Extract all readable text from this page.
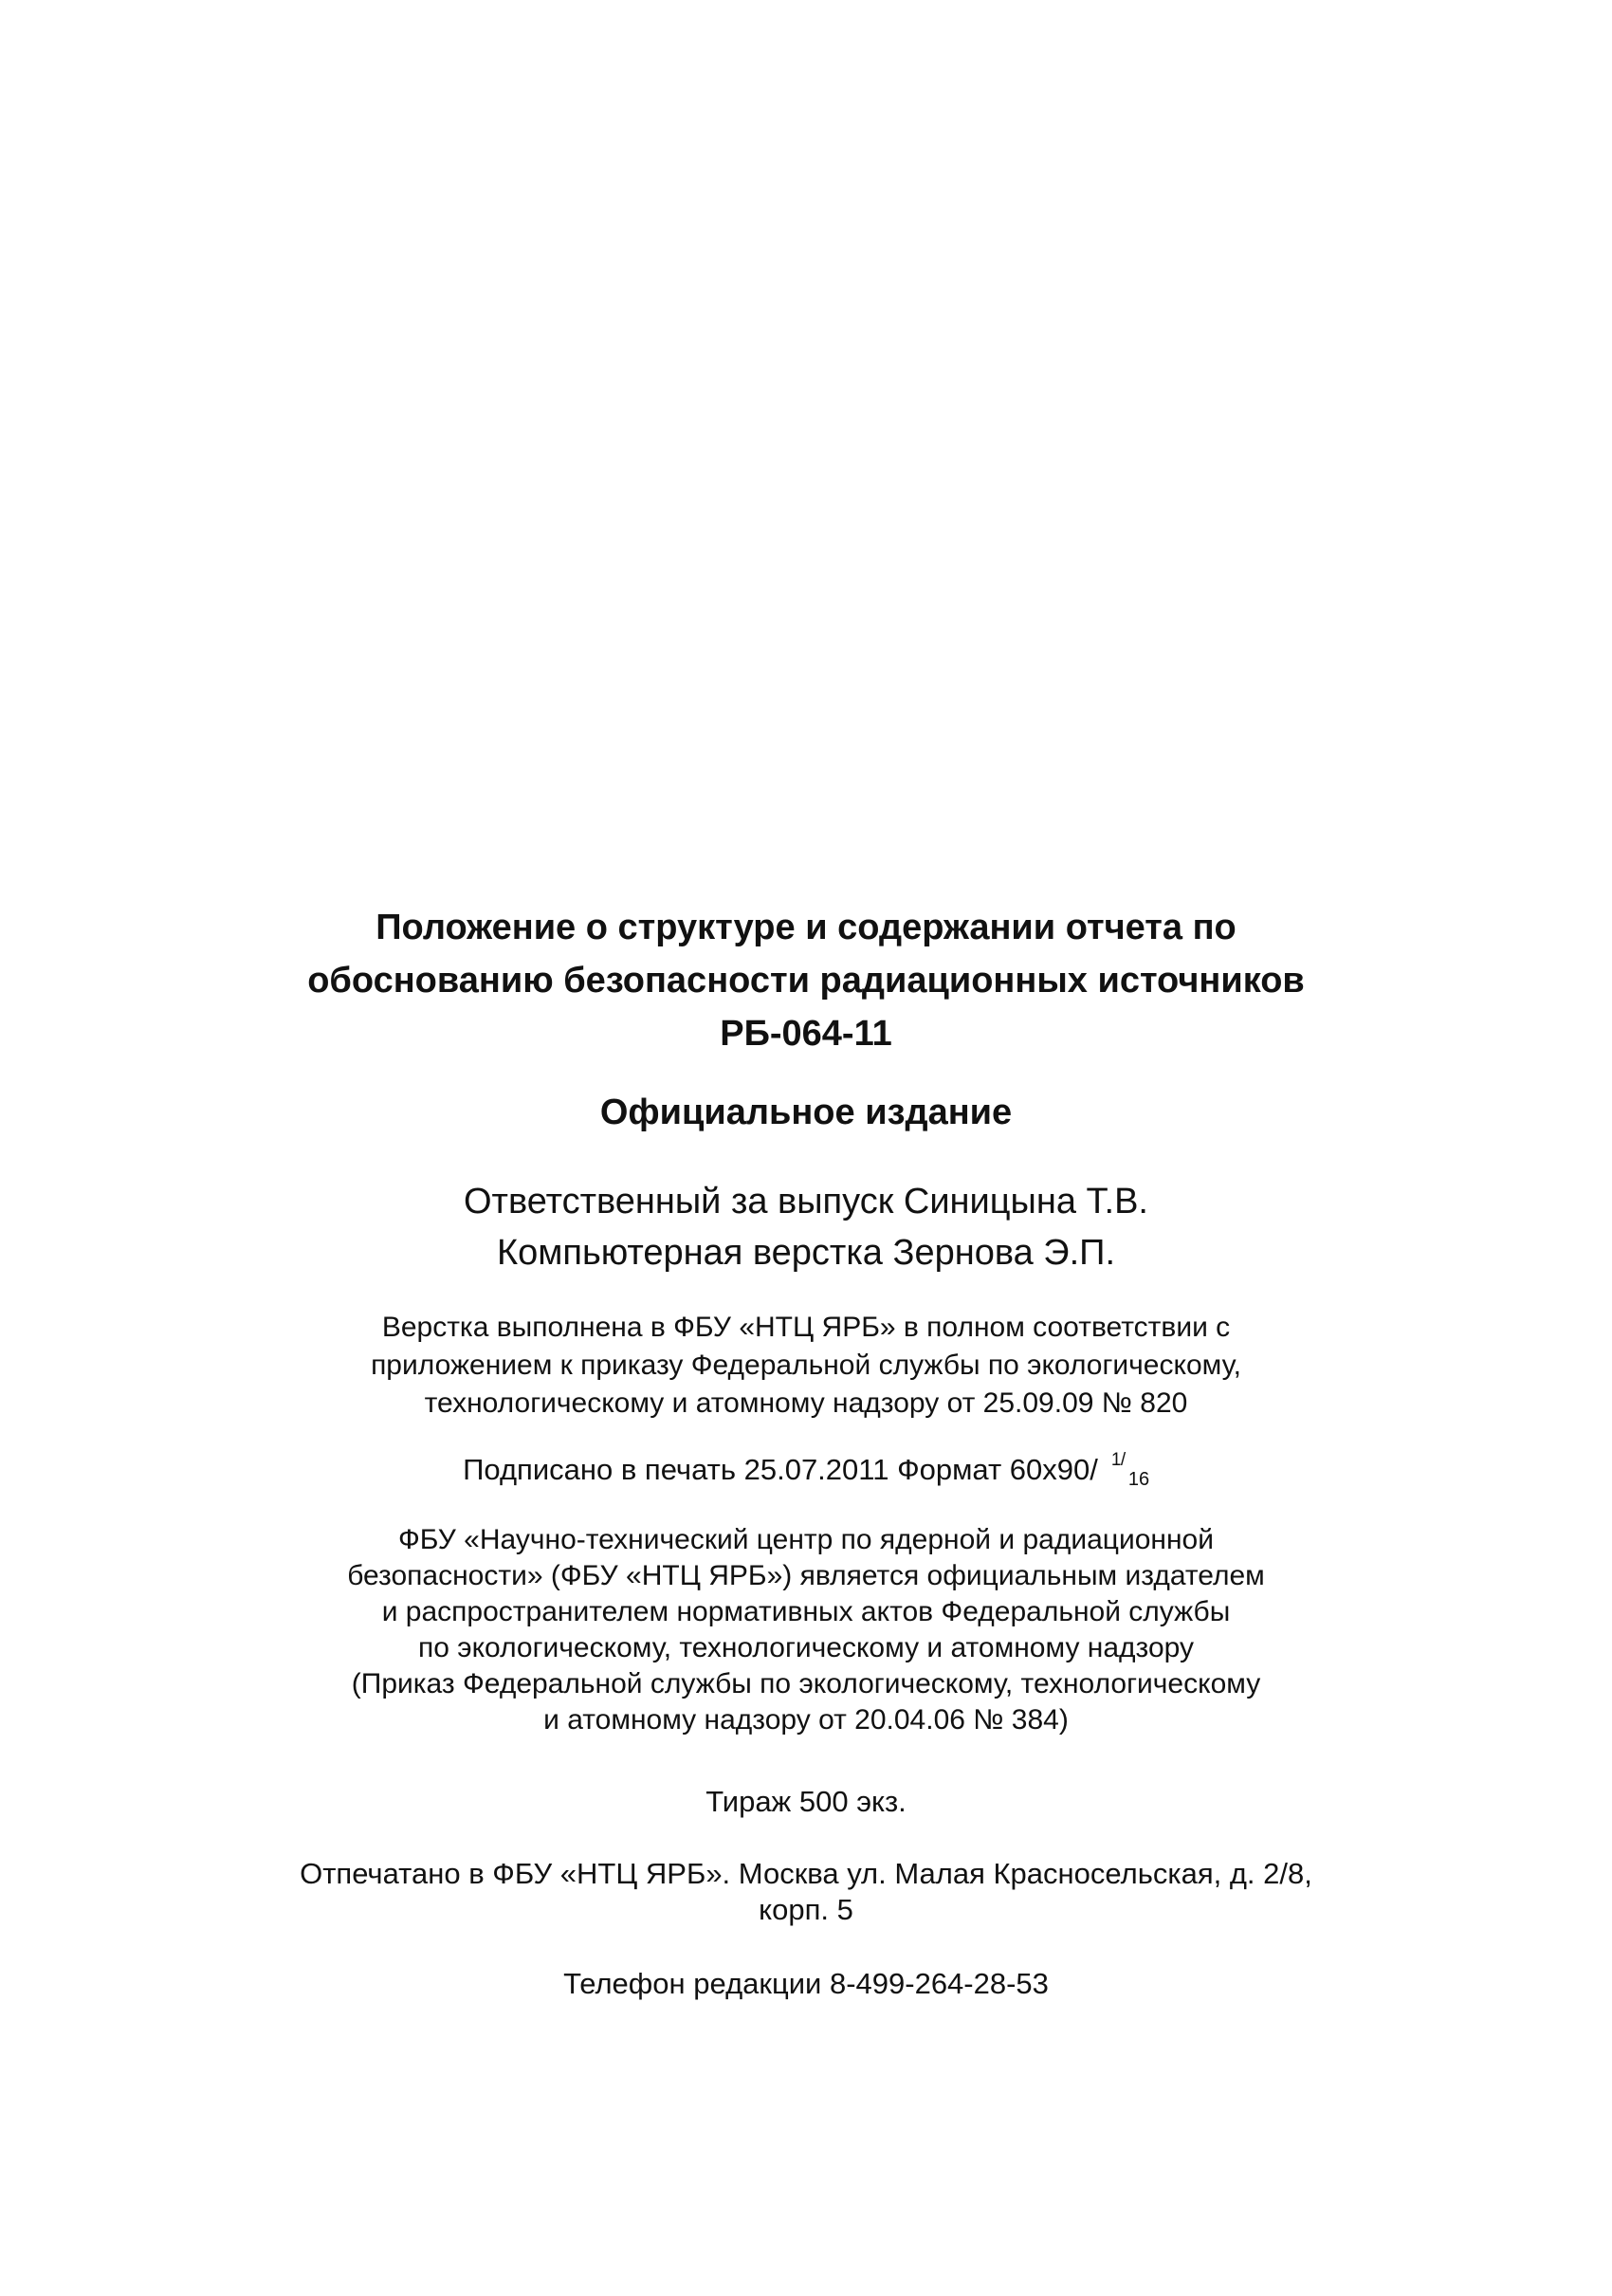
Положение о структуре и содержании отчета по
обоснованию безопасности радиационных источников
РБ-064-11
Официальное издание
Ответственный за выпуск Синицына Т.В.
Компьютерная верстка Зернова Э.П.
Верстка выполнена в ФБУ «НТЦ ЯРБ» в полном соответствии с
приложением к приказу Федеральной службы по экологическому,
технологическому и атомному надзору от 25.09.09 № 820
Подписано в печать 25.07.2011 Формат 60x90/ 1 /
16
ФБУ «Научно-технический центр по ядерной и радиационной
безопасности» (ФБУ «НТЦ ЯРБ») является официальным издателем
и распространителем нормативных актов Федеральной службы
по экологическому, технологическому и атомному надзору
(Приказ Федеральной службы по экологическому, технологическому
и атомному надзору от 20.04.06 № 384)
Тираж 500 экз.
Отпечатано в ФБУ «НТЦ ЯРБ». Москва ул. Малая Красносельская, д. 2/8,
корп. 5
Телефон редакции 8-499-264-28-53
